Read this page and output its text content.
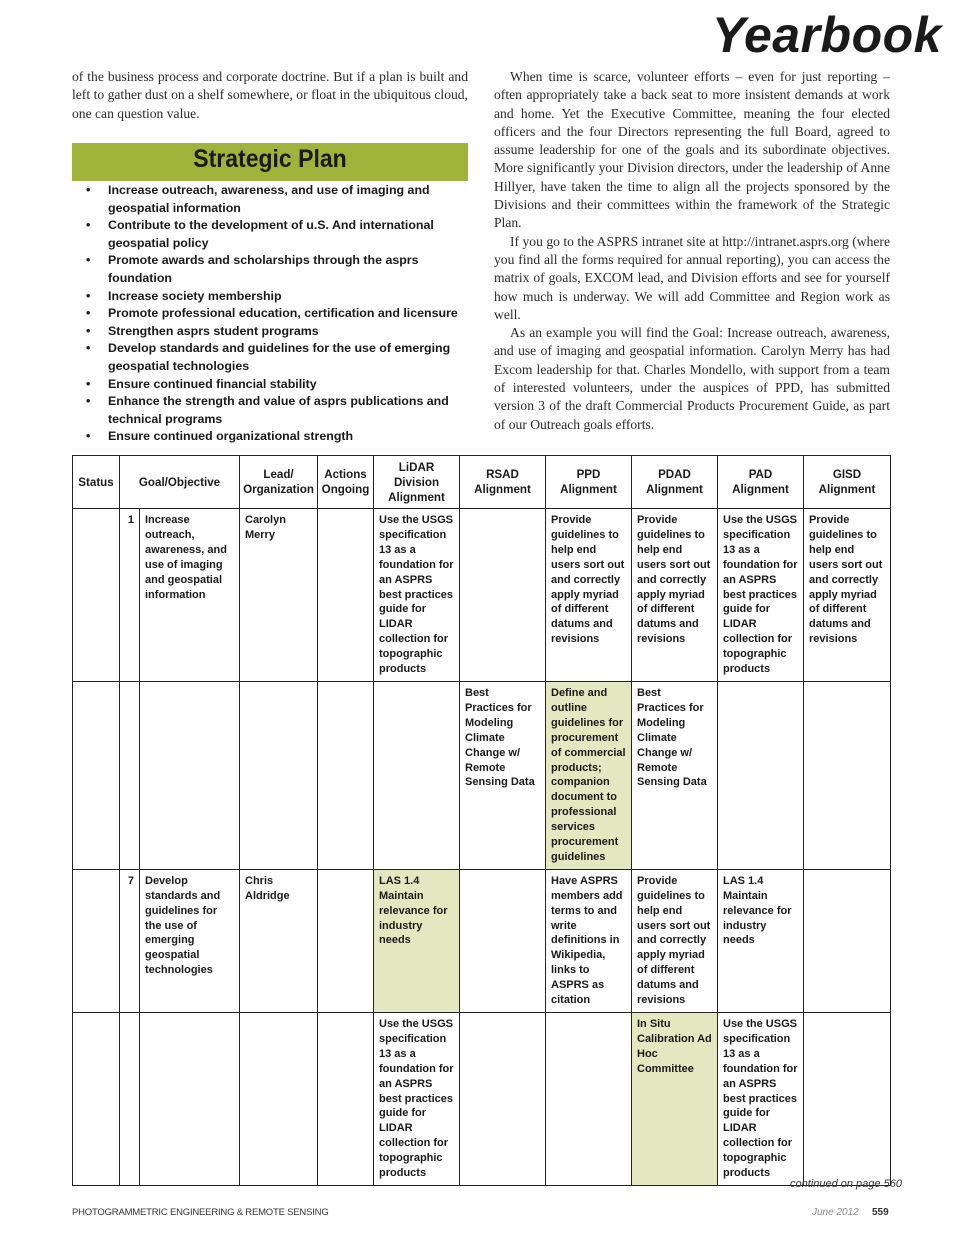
Yearbook

of the business process and corporate doctrine. But if a plan is built and left to gather dust on a shelf somewhere, or float in the ubiquitous cloud, one can question value.

Strategic Plan
• Increase outreach, awareness, and use of imaging and geospatial information
• Contribute to the development of u.S. And international geospatial policy
• Promote awards and scholarships through the asprs foundation
• Increase society membership
• Promote professional education, certification and licensure
• Strengthen asprs student programs
• Develop standards and guidelines for the use of emerging geospatial technologies
• Ensure continued financial stability
• Enhance the strength and value of asprs publications and technical programs
• Ensure continued organizational strength

When time is scarce, volunteer efforts – even for just reporting – often appropriately take a back seat to more insistent demands at work and home. Yet the Executive Committee, meaning the four elected officers and the four Directors representing the full Board, agreed to assume leadership for one of the goals and its subordinate objectives. More significantly your Division directors, under the leadership of Anne Hillyer, have taken the time to align all the projects sponsored by the Divisions and their committees within the framework of the Strategic Plan.

If you go to the ASPRS intranet site at http://intranet.asprs.org (where you find all the forms required for annual reporting), you can access the matrix of goals, EXCOM lead, and Division efforts and see for yourself how much is underway. We will add Committee and Region work as well.

As an example you will find the Goal: Increase outreach, awareness, and use of imaging and geospatial information. Carolyn Merry has had Excom leadership for that. Charles Mondello, with support from a team of interested volunteers, under the auspices of PPD, has submitted version 3 of the draft Commercial Products Procurement Guide, as part of our Outreach goals efforts.

Status	Goal/Objective		Lead/ Organization	Actions Ongoing	LiDAR Division Alignment	RSAD Alignment	PPD Alignment	PDAD Alignment	PAD Alignment	GISD Alignment
	1	Increase outreach, awareness, and use of imaging and geospatial information	Carolyn Merry		Use the USGS specification 13 as a foundation for an ASPRS best practices guide for LIDAR collection for topographic products		Provide guidelines to help end users sort out and correctly apply myriad of different datums and revisions	Provide guidelines to help end users sort out and correctly apply myriad of different datums and revisions	Use the USGS specification 13 as a foundation for an ASPRS best practices guide for LIDAR collection for topographic products	Provide guidelines to help end users sort out and correctly apply myriad of different datums and revisions
						Best Practices for Modeling Climate Change w/ Remote Sensing Data	Define and outline guidelines for procurement of commercial products; companion document to professional services procurement guidelines	Best Practices for Modeling Climate Change w/ Remote Sensing Data		
	7	Develop standards and guidelines for the use of emerging geospatial technologies	Chris Aldridge		LAS 1.4 Maintain relevance for industry needs		Have ASPRS members add terms to and write definitions in Wikipedia, links to ASPRS as citation	Provide guidelines to help end users sort out and correctly apply myriad of different datums and revisions	LAS 1.4 Maintain relevance for industry needs	
					Use the USGS specification 13 as a foundation for an ASPRS best practices guide for LIDAR collection for topographic products			In Situ Calibration Ad Hoc Committee	Use the USGS specification 13 as a foundation for an ASPRS best practices guide for LIDAR collection for topographic products	
continued on page 560
PHOTOGRAMMETRIC ENGINEERING & REMOTE SENSING	June 2012 559
